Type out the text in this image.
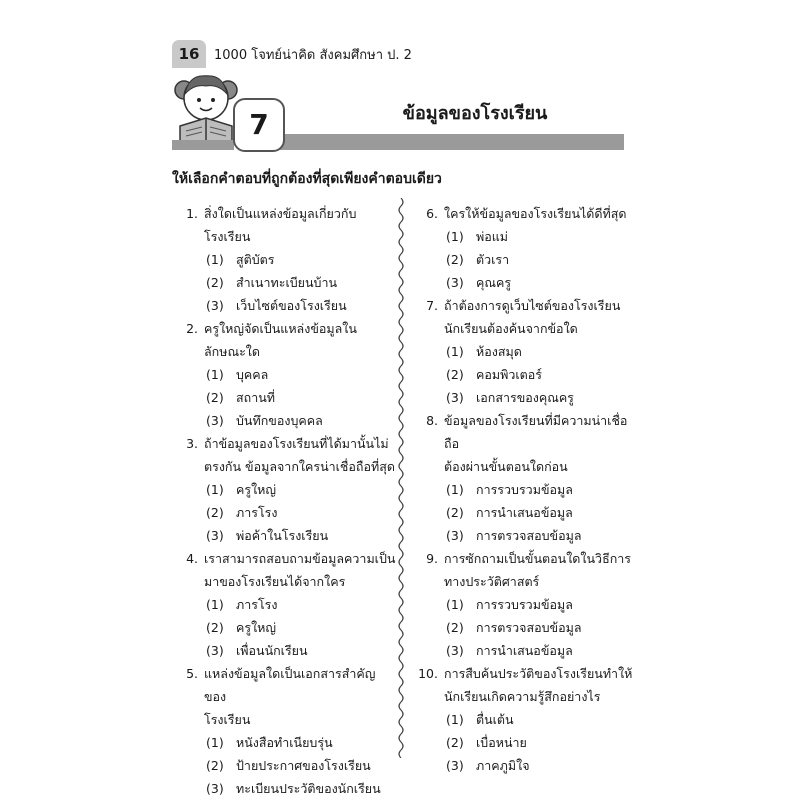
16	1000 โจทย์น่าคิด สังคมศึกษา ป. 2
7	ข้อมูลของโรงเรียน
ให้เลือกคำตอบที่ถูกต้องที่สุดเพียงคำตอบเดียว
1. สิ่งใดเป็นแหล่งข้อมูลเกี่ยวกับโรงเรียน
(1) สูติบัตร
(2) สำเนาทะเบียนบ้าน
(3) เว็บไซต์ของโรงเรียน
2. ครูใหญ่จัดเป็นแหล่งข้อมูลใน
ลักษณะใด
(1) บุคคล
(2) สถานที่
(3) บันทึกของบุคคล
3. ถ้าข้อมูลของโรงเรียนที่ได้มานั้นไม่
ตรงกัน ข้อมูลจากใครน่าเชื่อถือที่สุด
(1) ครูใหญ่
(2) ภารโรง
(3) พ่อค้าในโรงเรียน
4. เราสามารถสอบถามข้อมูลความเป็น
มาของโรงเรียนได้จากใคร
(1) ภารโรง
(2) ครูใหญ่
(3) เพื่อนนักเรียน
5. แหล่งข้อมูลใดเป็นเอกสารสำคัญของ
โรงเรียน
(1) หนังสือทำเนียบรุ่น
(2) ป้ายประกาศของโรงเรียน
(3) ทะเบียนประวัติของนักเรียน
6. ใครให้ข้อมูลของโรงเรียนได้ดีที่สุด
(1) พ่อแม่
(2) ตัวเรา
(3) คุณครู
7. ถ้าต้องการดูเว็บไซต์ของโรงเรียน
นักเรียนต้องค้นจากข้อใด
(1) ห้องสมุด
(2) คอมพิวเตอร์
(3) เอกสารของคุณครู
8. ข้อมูลของโรงเรียนที่มีความน่าเชื่อถือ
ต้องผ่านขั้นตอนใดก่อน
(1) การรวบรวมข้อมูล
(2) การนำเสนอข้อมูล
(3) การตรวจสอบข้อมูล
9. การซักถามเป็นขั้นตอนใดในวิธีการ
ทางประวัติศาสตร์
(1) การรวบรวมข้อมูล
(2) การตรวจสอบข้อมูล
(3) การนำเสนอข้อมูล
10. การสืบค้นประวัติของโรงเรียนทำให้
นักเรียนเกิดความรู้สึกอย่างไร
(1) ตื่นเต้น
(2) เบื่อหน่าย
(3) ภาคภูมิใจ
